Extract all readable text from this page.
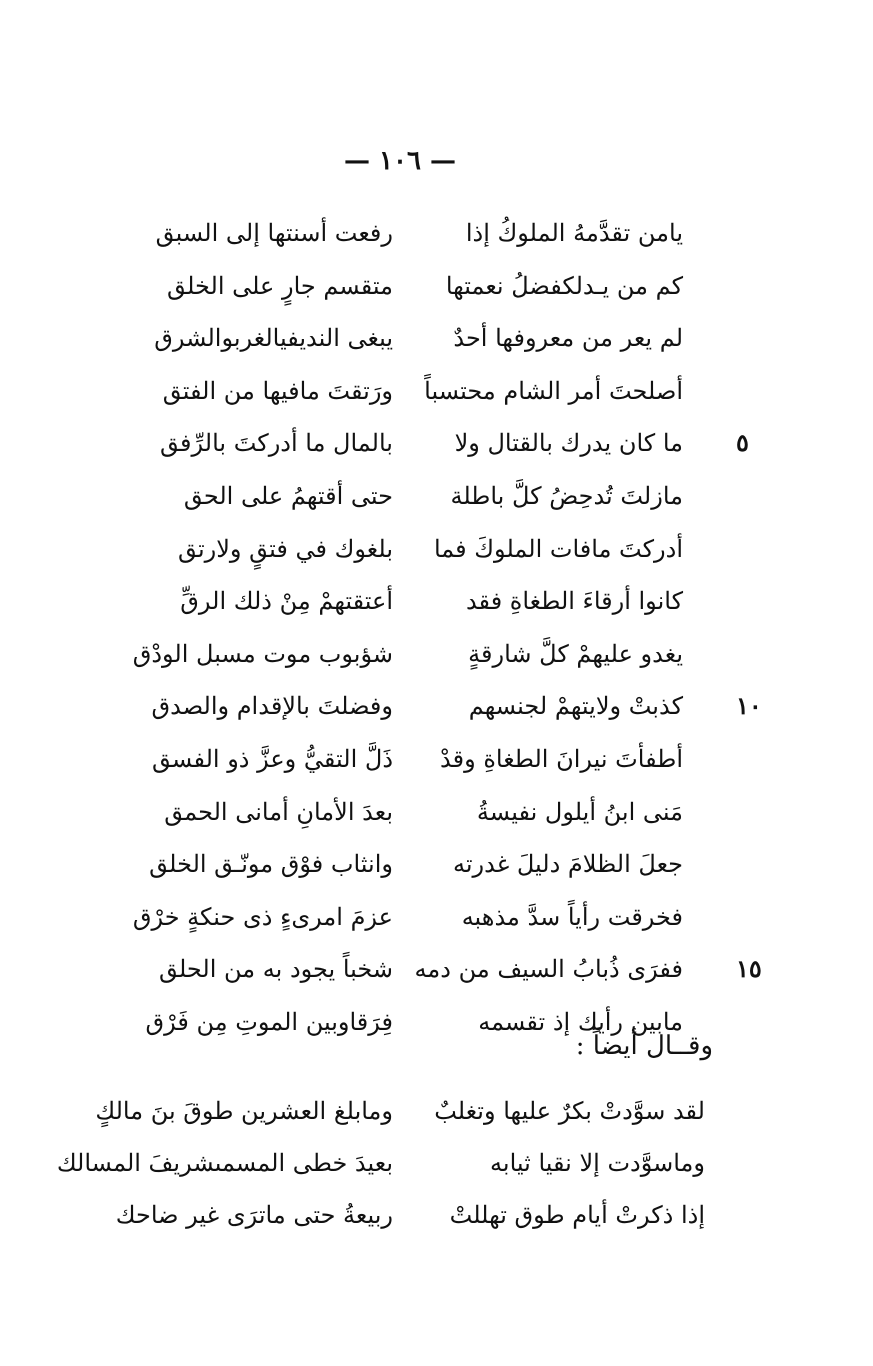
— ١٠٦ —
يامن تقدَّمهُ الملوكُ إذا
رفعت أسنتها إلى السبق
كم من يـدلكفضلُ نعمتها
متقسم جارٍ على الخلق
لم يعر من معروفها أحدٌ
يبغى النديفيالغربوالشرق
أصلحتَ أمر الشام محتسباً
ورَتقتَ مافيها من الفتق
ما كان يدرك بالقتال ولا
بالمال ما أدركتَ بالرِّفق	٥
مازلتَ تُدحِضُ كلَّ باطلة
حتى أقتهمُ على الحق
أدركتَ مافات الملوكَ فما
بلغوك في فتقٍ ولارتق
كانوا أرقاءَ الطغاةِ فقد
أعتقتهمْ مِنْ ذلك الرقِّ
يغدو عليهمْ كلَّ شارقةٍ
شؤبوب موت مسبل الودْق
كذبتْ ولايتهمْ لجنسهم
وفضلتَ بالإقدام والصدق	١٠
أطفأتَ نيرانَ الطغاةِ وقدْ
ذَلَّ التقيُّ وعزَّ ذو الفسق
مَنى ابنُ أيلول نفيسةُ
بعدَ الأمانِ أمانى الحمق
جعلَ الظلامَ دليلَ غدرته
وانثاب فوْق مونّـق الخلق
فخرقت رأياً سدَّ مذهبه
عزمَ امرىءٍ ذى حنكةٍ خرْق
ففرَى ذُبابُ السيف من دمه
شخباً يجود به من الحلق	١٥
مابين رأيك إذ تقسمه
فِرَقاوبين الموتِ مِن فَرْق
وقــال أيضاً :
لقد سوَّدتْ بكرٌ عليها وتغلبٌ
ومابلغ العشرين طوقَ بنَ مالكٍ
وماسوَّدت إلا نقيا ثيابه
بعيدَ خطى المسمىشريفَ المسالك
إذا ذكرتْ أيام طوق تهللتْ
ربيعةُ حتى ماترَى غير ضاحك
